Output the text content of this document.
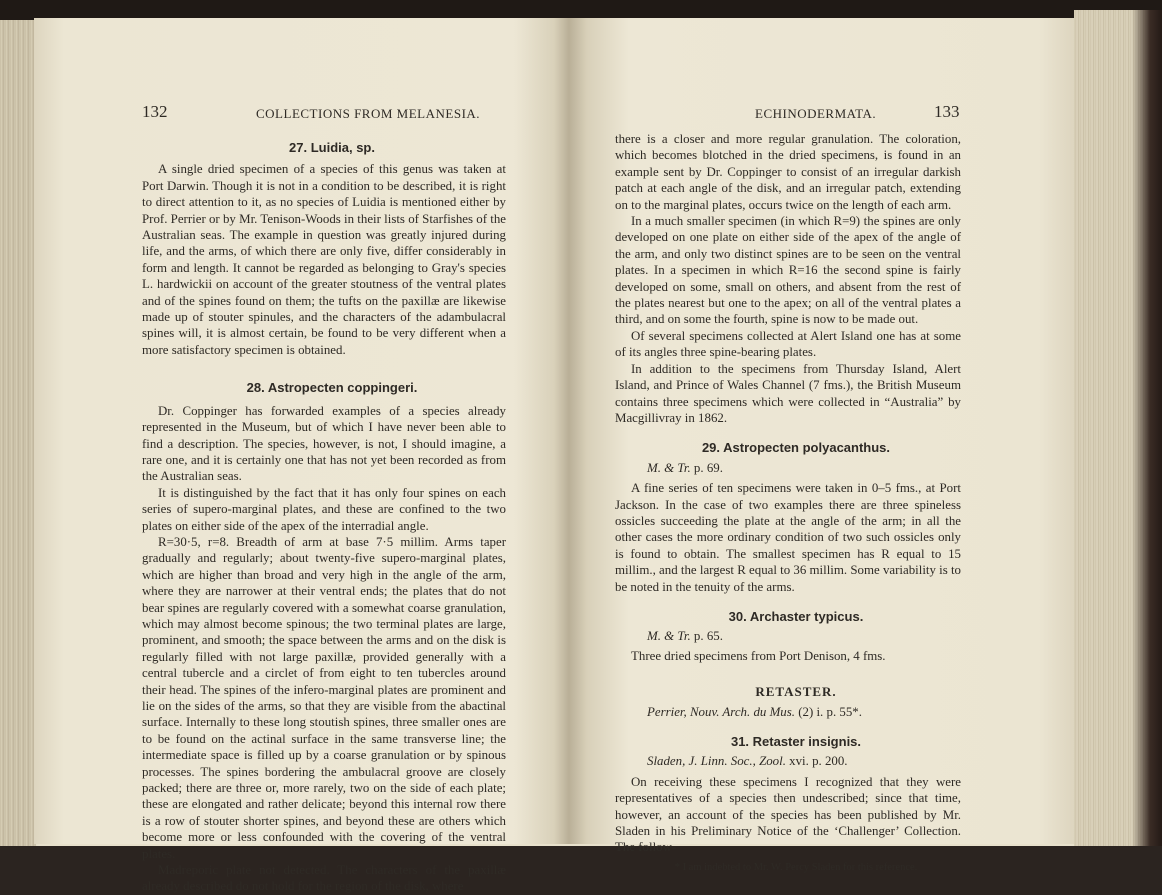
132	COLLECTIONS FROM MELANESIA.

27. Luidia, sp.

A single dried specimen of a species of this genus was taken at Port Darwin. Though it is not in a condition to be described, it is right to direct attention to it, as no species of Luidia is mentioned either by Prof. Perrier or by Mr. Tenison-Woods in their lists of Starfishes of the Australian seas. The example in question was greatly injured during life, and the arms, of which there are only five, differ considerably in form and length. It cannot be regarded as belonging to Gray's species L. hardwickii on account of the greater stoutness of the ventral plates and of the spines found on them; the tufts on the paxillæ are likewise made up of stouter spinules, and the characters of the adambulacral spines will, it is almost certain, be found to be very different when a more satisfactory specimen is obtained.

28. Astropecten coppingeri.

Dr. Coppinger has forwarded examples of a species already represented in the Museum, but of which I have never been able to find a description. The species, however, is not, I should imagine, a rare one, and it is certainly one that has not yet been recorded as from the Australian seas.

It is distinguished by the fact that it has only four spines on each series of supero-marginal plates, and these are confined to the two plates on either side of the apex of the interradial angle.

R=30·5, r=8. Breadth of arm at base 7·5 millim. Arms taper gradually and regularly; about twenty-five supero-marginal plates, which are higher than broad and very high in the angle of the arm, where they are narrower at their ventral ends; the plates that do not bear spines are regularly covered with a somewhat coarse granulation, which may almost become spinous; the two terminal plates are large, prominent, and smooth; the space between the arms and on the disk is regularly filled with not large paxillæ, provided generally with a central tubercle and a circlet of from eight to ten tubercles around their head. The spines of the infero-marginal plates are prominent and lie on the sides of the arms, so that they are visible from the abactinal surface. Internally to these long stoutish spines, three smaller ones are to be found on the actinal surface in the same transverse line; the intermediate space is filled up by a coarse granulation or by spinous processes. The spines bordering the ambulacral groove are closely packed; there are three or, more rarely, two on the side of each plate; these are elongated and rather delicate; beyond this internal row there is a row of stouter shorter spines, and beyond these are others which become more or less confounded with the covering of the ventral plates.

Madreporic plate not detected. The characters of the paxillæ already described do not hold for the region of the disk, where

ECHINODERMATA.	133

there is a closer and more regular granulation. The coloration, which becomes blotched in the dried specimens, is found in an example sent by Dr. Coppinger to consist of an irregular darkish patch at each angle of the disk, and an irregular patch, extending on to the marginal plates, occurs twice on the length of each arm.

In a much smaller specimen (in which R=9) the spines are only developed on one plate on either side of the apex of the angle of the arm, and only two distinct spines are to be seen on the ventral plates. In a specimen in which R=16 the second spine is fairly developed on some, small on others, and absent from the rest of the plates nearest but one to the apex; on all of the ventral plates a third, and on some the fourth, spine is now to be made out.

Of several specimens collected at Alert Island one has at some of its angles three spine-bearing plates.

In addition to the specimens from Thursday Island, Alert Island, and Prince of Wales Channel (7 fms.), the British Museum contains three specimens which were collected in “Australia” by Macgillivray in 1862.

29. Astropecten polyacanthus.

M. & Tr. p. 69.

A fine series of ten specimens were taken in 0–5 fms., at Port Jackson. In the case of two examples there are three spineless ossicles succeeding the plate at the angle of the arm; in all the other cases the more ordinary condition of two such ossicles only is found to obtain. The smallest specimen has R equal to 15 millim., and the largest R equal to 36 millim. Some variability is to be noted in the tenuity of the arms.

30. Archaster typicus.

M. & Tr. p. 65.

Three dried specimens from Port Denison, 4 fms.

RETASTER.

Perrier, Nouv. Arch. du Mus. (2) i. p. 55*.

31. Retaster insignis.

Sladen, J. Linn. Soc., Zool. xvi. p. 200.

On receiving these specimens I recognized that they were representatives of a species then undescribed; since that time, however, an account of the species has been published by Mr. Sladen in his Preliminary Notice of the ‘Challenger’ Collection. The follow-

* I am indebted to Mr. W. Percy Sladen for this reference.
